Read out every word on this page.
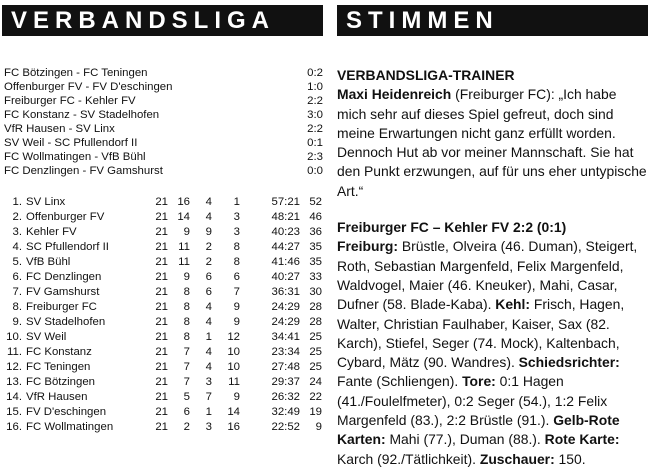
VERBANDSLIGA	STIMMEN
FC Bötzingen - FC Teningen	0:2
Offenburger FV - FV D'eschingen	1:0
Freiburger FC - Kehler FV	2:2
FC Konstanz - SV Stadelhofen	3:0
VfR Hausen - SV Linx	2:2
SV Weil - SC Pfullendorf II	0:1
FC Wollmatingen - VfB Bühl	2:3
FC Denzlingen - FV Gamshurst	0:0
1. SV Linx	21 16	4	1	57:21 52
2. Offenburger FV	21 14	4	3	48:21 46
3. Kehler FV	21	9	9	3	40:23 36
4. SC Pfullendorf II	21 11	2	8	44:27 35
5. VfB Bühl	21 11	2	8	41:46 35
6. FC Denzlingen	21	9	6	6	40:27 33
7. FV Gamshurst	21	8	6	7	36:31 30
8. Freiburger FC	21	8	4	9	24:29 28
9. SV Stadelhofen	21	8	4	9	24:29 28
10. SV Weil	21	8	1	12	34:41 25
11. FC Konstanz	21	7	4	10	23:34 25
12. FC Teningen	21	7	4	10	27:48 25
13. FC Bötzingen	21	7	3	11	29:37 24
14. VfR Hausen	21	5	7	9	26:32 22
15. FV D'eschingen	21	6	1	14	32:49 19
16. FC Wollmatingen	21	2	3	16	22:52	9

VERBANDSLIGA-TRAINER

Maxi Heidenreich (Freiburger FC): „Ich habe mich sehr auf dieses Spiel gefreut, doch sind meine Erwartungen nicht ganz erfüllt worden. Dennoch Hut ab vor meiner Mannschaft. Sie hat den Punkt erzwungen, auf für uns eher untypische Art.“

Freiburger FC – Kehler FV 2:2 (0:1)

Freiburg: Brüstle, Olveira (46. Duman), Steigert, Roth, Sebastian Margenfeld, Felix Margenfeld, Waldvogel, Maier (46. Kneuker), Mahi, Casar, Dufner (58. Blade-Kaba). Kehl: Frisch, Hagen, Walter, Christian Faulhaber, Kaiser, Sax (82. Karch), Stiefel, Seger (74. Mock), Kaltenbach, Cybard, Mätz (90. Wandres). Schiedsrichter: Fante (Schliengen). Tore: 0:1 Hagen (41./Foulelfmeter), 0:2 Seger (54.), 1:2 Felix Margenfeld (83.), 2:2 Brüstle (91.). Gelb-Rote Karten: Mahi (77.), Duman (88.). Rote Karte: Karch (92./Tätlichkeit). Zuschauer: 150.
